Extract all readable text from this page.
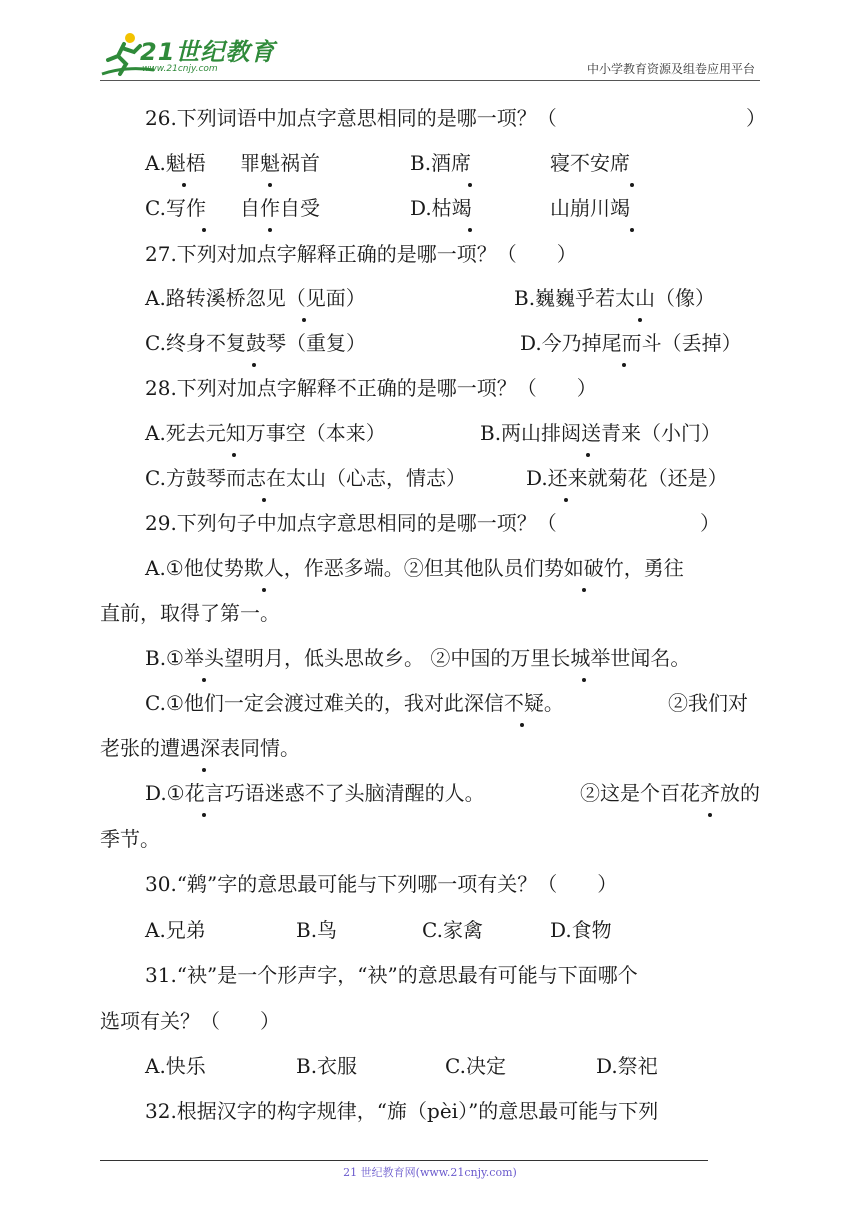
21世纪教育
www.21cnjy.com	中小学教育资源及组卷应用平台
26.下列词语中加点字意思相同的是哪一项？（	）
A.魁梧 罪魁祸首	B.酒席	寝不安席
C.写作 自作自受	D.枯竭	山崩川竭
27.下列对加点字解释正确的是哪一项？（　　）
A.路转溪桥忽见（见面）	B.巍巍乎若太山（像）
C.终身不复鼓琴（重复）	D.今乃掉尾而斗（丢掉）
28.下列对加点字解释不正确的是哪一项？（　　）
A.死去元知万事空（本来）	B.两山排闼送青来（小门）
C.方鼓琴而志在太山（心志，情志）	D.还来就菊花（还是）
29.下列句子中加点字意思相同的是哪一项？（	）
A.①他仗势欺人，作恶多端。②但其他队员们势如破竹，勇往
直前，取得了第一。
B.①举头望明月，低头思故乡。 ②中国的万里长城举世闻名。
C.①他们一定会渡过难关的，我对此深信不疑。	②我们对
老张的遭遇深表同情。
D.①花言巧语迷惑不了头脑清醒的人。	②这是个百花齐放的
季节。
30.“鹈”字的意思最可能与下列哪一项有关？（　　）
A.兄弟	B.鸟	C.家禽	D.食物
31.“袂”是一个形声字，“袂”的意思最有可能与下面哪个
选项有关？（　　）
A.快乐	B.衣服	C.决定	D.祭祀
32.根据汉字的构字规律，“旆（pèi）”的意思最可能与下列
21 世纪教育网(www.21cnjy.com)
